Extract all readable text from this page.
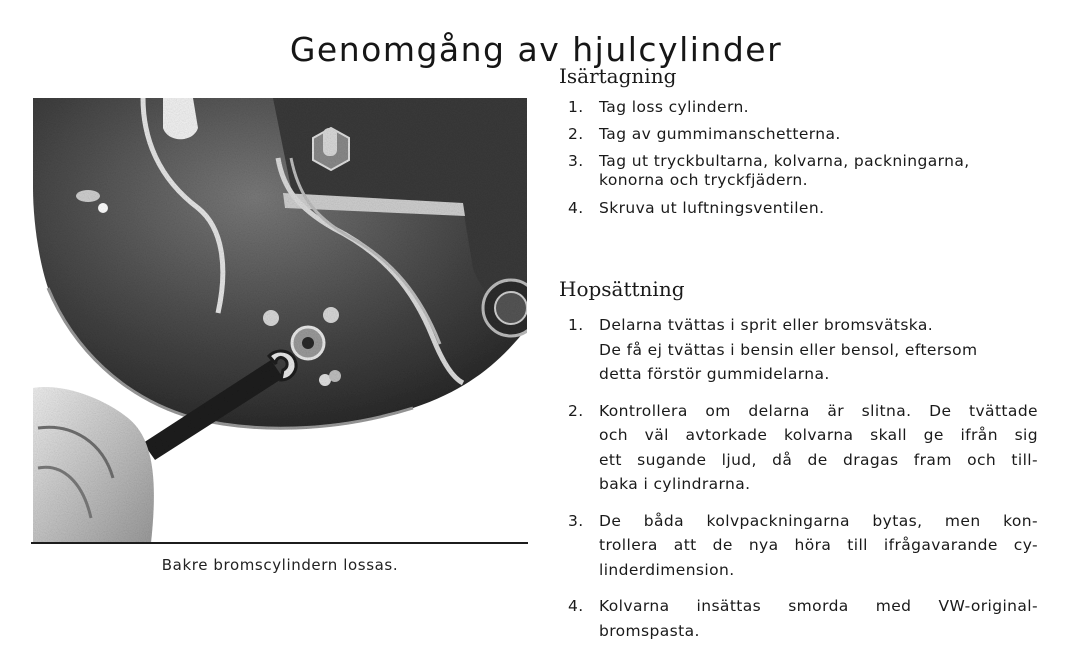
Genomgång av hjulcylinder
Bakre bromscylindern lossas.
Isärtagning
1. Tag loss cylindern.
2. Tag av gummimanschetterna.
3. Tag ut tryckbultarna, kolvarna, packningarna,
konorna och tryckfjädern.
4. Skruva ut luftningsventilen.
Hopsättning
1. Delarna tvättas i sprit eller bromsvätska.
De få ej tvättas i bensin eller bensol, eftersom
detta förstör gummidelarna.
2. Kontrollera om delarna är slitna. De tvättade
och väl avtorkade kolvarna skall ge ifrån sig
ett sugande ljud, då de dragas fram och till-
baka i cylindrarna.
3. De båda kolvpackningarna bytas, men kon-
trollera att de nya höra till ifrågavarande cy-
linderdimension.
4. Kolvarna insättas smorda med VW-original-
bromspasta.
